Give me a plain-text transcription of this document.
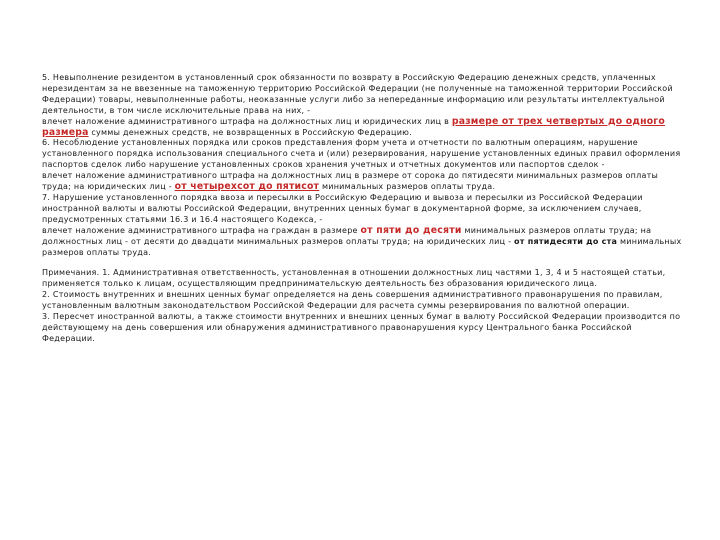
5. Невыполнение резидентом в установленный срок обязанности по возврату в Российскую Федерацию денежных средств, уплаченных нерезидентам за не ввезенные на таможенную территорию Российской Федерации (не полученные на таможенной территории Российской Федерации) товары, невыполненные работы, неоказанные услуги либо за непереданные информацию или результаты интеллектуальной деятельности, в том числе исключительные права на них, -
влечет наложение административного штрафа на должностных лиц и юридических лиц в размере от трех четвертых до одного размера суммы денежных средств, не возвращенных в Российскую Федерацию.

6. Несоблюдение установленных порядка или сроков представления форм учета и отчетности по валютным операциям, нарушение установленного порядка использования специального счета и (или) резервирования, нарушение установленных единых правил оформления паспортов сделок либо нарушение установленных сроков хранения учетных и отчетных документов или паспортов сделок -
влечет наложение административного штрафа на должностных лиц в размере от сорока до пятидесяти минимальных размеров оплаты труда; на юридических лиц - от четырехсот до пятисот минимальных размеров оплаты труда.

7. Нарушение установленного порядка ввоза и пересылки в Российскую Федерацию и вывоза и пересылки из Российской Федерации иностранной валюты и валюты Российской Федерации, внутренних ценных бумаг в документарной форме, за исключением случаев, предусмотренных статьями 16.3 и 16.4 настоящего Кодекса, -
влечет наложение административного штрафа на граждан в размере от пяти до десяти минимальных размеров оплаты труда; на должностных лиц - от десяти до двадцати минимальных размеров оплаты труда; на юридических лиц - от пятидесяти до ста минимальных размеров оплаты труда.

Примечания. 1. Административная ответственность, установленная в отношении должностных лиц частями 1, 3, 4 и 5 настоящей статьи, применяется только к лицам, осуществляющим предпринимательскую деятельность без образования юридического лица.

2. Стоимость внутренних и внешних ценных бумаг определяется на день совершения административного правонарушения по правилам, установленным валютным законодательством Российской Федерации для расчета суммы резервирования по валютной операции.

3. Пересчет иностранной валюты, а также стоимости внутренних и внешних ценных бумаг в валюту Российской Федерации производится по действующему на день совершения или обнаружения административного правонарушения курсу Центрального банка Российской Федерации.
